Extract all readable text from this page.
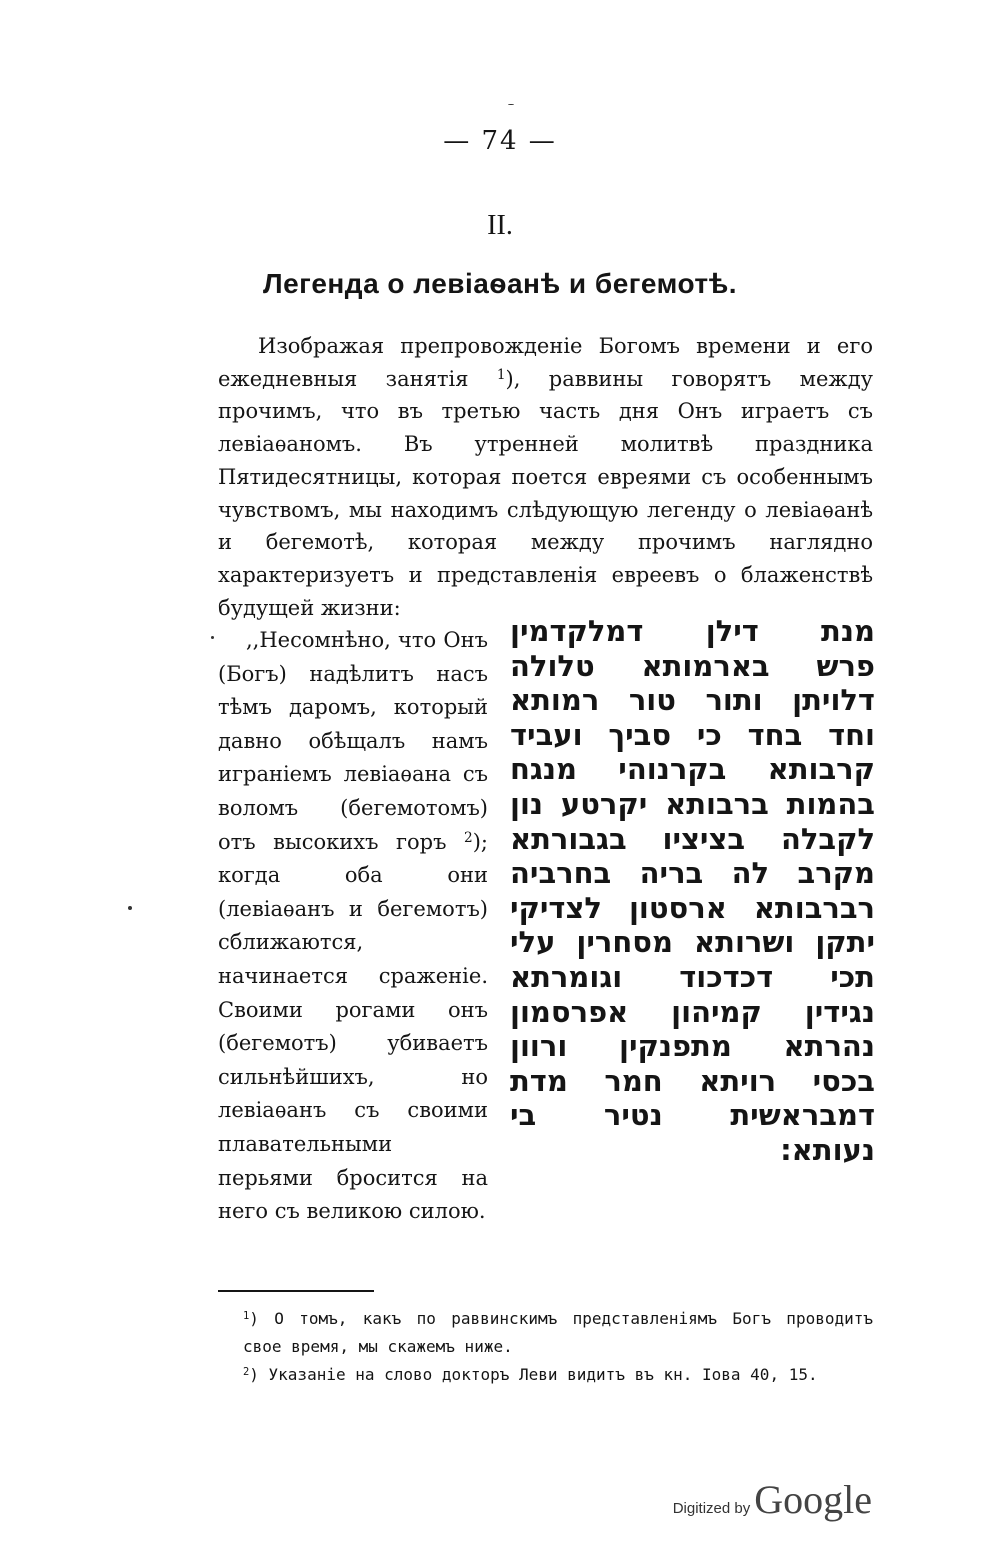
— 74 —
II.
Легенда о левіаѳанѣ и бегемотѣ.

Изображая препровожденіе Богомъ времени и его ежедневныя занятія $^1$), раввины говорятъ между прочимъ, что въ третью часть дня Онъ играетъ съ левіаѳаномъ. Въ утренней молитвѣ праздника Пятидесятницы, которая поется евреями съ особеннымъ чувствомъ, мы находимъ слѣдующую легенду о левіаѳанѣ и бегемотѣ, которая между прочимъ наглядно характеризуетъ и представленія евреевъ о блаженствѣ будущей жизни:

,,Несомнѣно, что Онъ (Богъ) надѣлитъ насъ тѣмъ даромъ, который давно обѣщалъ намъ игранiемъ левіаѳана съ воломъ (бегемотомъ) отъ высокихъ горъ $^2$); когда оба они (левіаѳанъ и бегемотъ) сближаются, начинается сраженіе. Своими рогами онъ (бегемотъ) убиваетъ сильнѣйшихъ, но левіаѳанъ съ своими плавательными перьями бросится на него съ великою силою.

מנת דילן דמלקדמין
פרש בארמותא טלולה
דלויתן ותור טור רמותא
וחד בחד כי סביך ועביד
קרבותא בקרנוהי מנגח
בהמות ברבותא יקרטע נון
לקבלה בציציו בגבורתא
מקרב לה בריה בחרביה
רברבותא ארסטון לצדיקי
יתקן ושרותא מסחרין עלי
תכי דכדכוד וגומרתא
נגידין קמיהון אפרסמון
נהרתא מתפנקין ורוון
בכסי רויתא חמר מדת
דמבראשית נטיר בי
נעותא:

$^1$) О томъ, какъ по раввинскимъ представленіямъ Богъ проводитъ свое время, мы скажемъ ниже.

$^2$) Указаніе на слово докторъ Леви видитъ въ кн. Іова 40, 15.

Digitized by Google
